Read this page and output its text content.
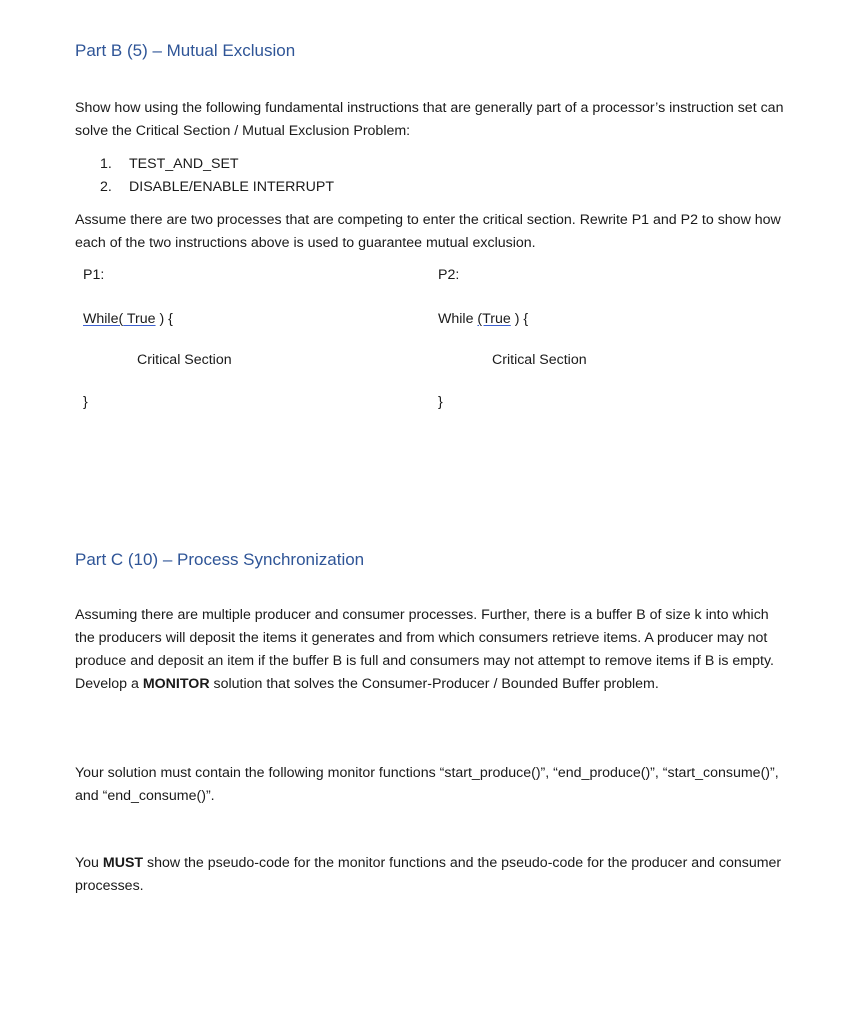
Part B (5) – Mutual Exclusion
Show how using the following fundamental instructions that are generally part of a processor’s instruction set can solve the Critical Section / Mutual Exclusion Problem:
1. TEST_AND_SET
2. DISABLE/ENABLE INTERRUPT
Assume there are two processes that are competing to enter the critical section. Rewrite P1 and P2 to show how each of the two instructions above is used to guarantee mutual exclusion.
P1:
While( True ) {
Critical Section
}
P2:
While (True ) {
Critical Section
}
Part C (10) – Process Synchronization
Assuming there are multiple producer and consumer processes. Further, there is a buffer B of size k into which the producers will deposit the items it generates and from which consumers retrieve items. A producer may not produce and deposit an item if the buffer B is full and consumers may not attempt to remove items if B is empty. Develop a MONITOR solution that solves the Consumer-Producer / Bounded Buffer problem.
Your solution must contain the following monitor functions “start_produce()”, “end_produce()”, “start_consume()”, and “end_consume()”.
You MUST show the pseudo-code for the monitor functions and the pseudo-code for the producer and consumer processes.
